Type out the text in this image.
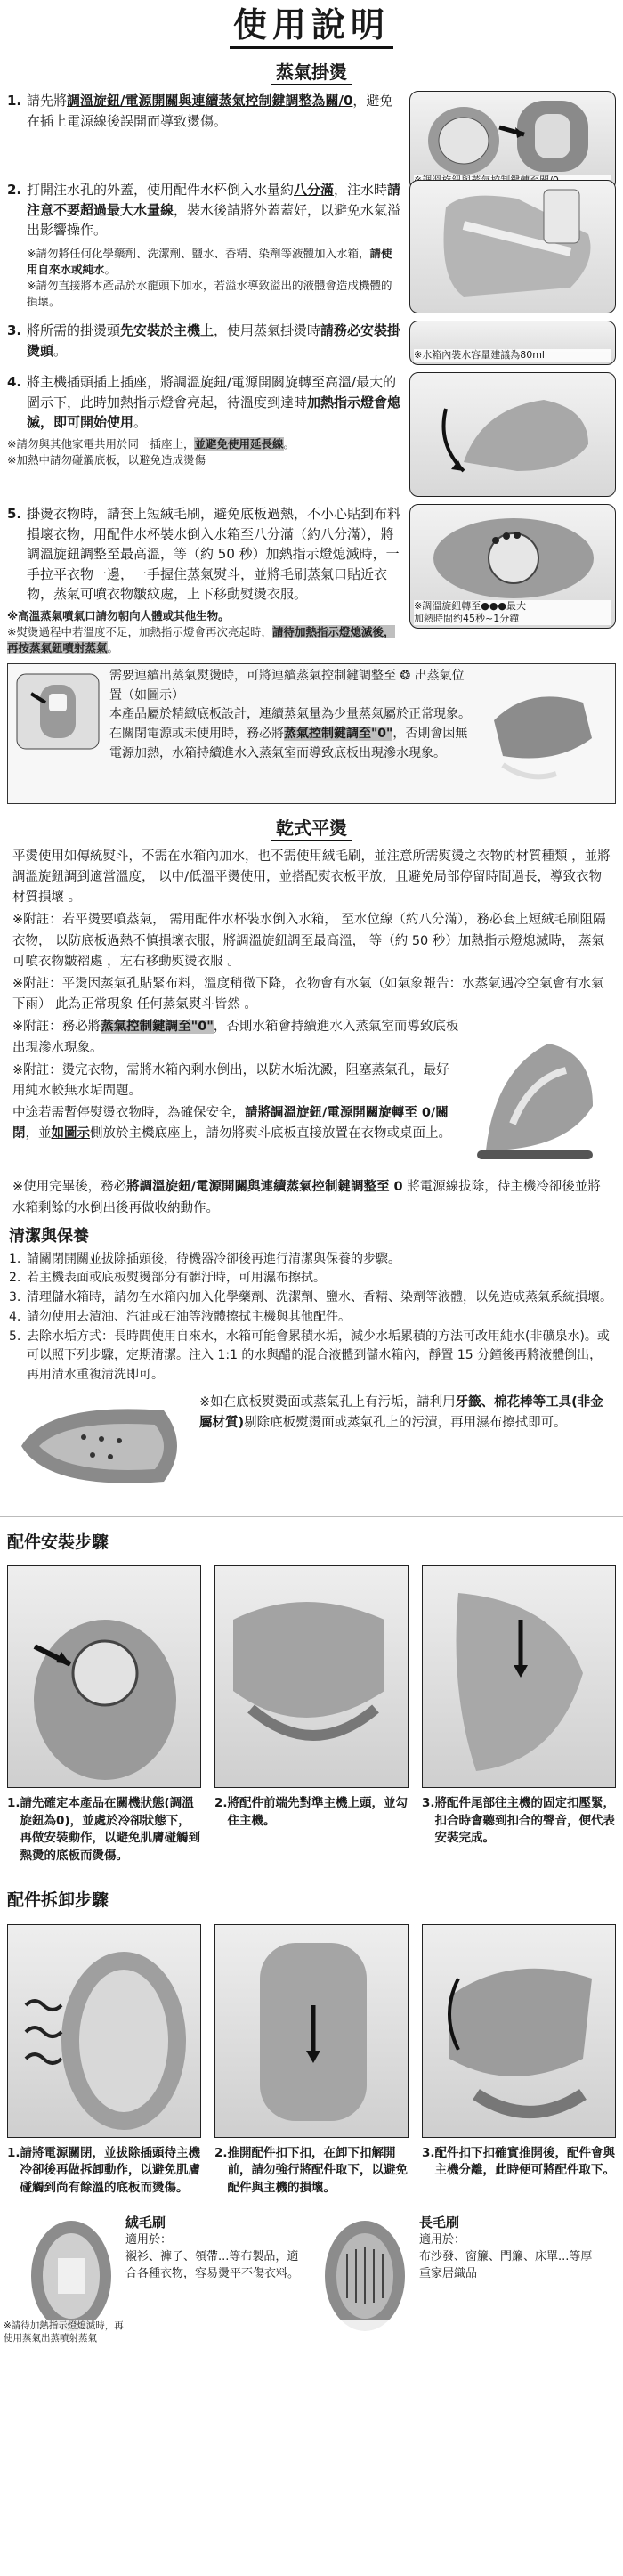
使用說明
蒸氣掛燙
1. 請先將調溫旋鈕/電源開關與連續蒸氣控制鍵調整為關/0，避免在插上電源線後誤開而導致燙傷。
2. 打開注水孔的外蓋，使用配件水杯倒入水量約八分滿，注水時請注意不要超過最大水量線，裝水後請將外蓋蓋好，以避免水氣溢出影響操作。
※請勿將任何化學藥劑、洗潔劑、鹽水、香精、染劑等液體加入水箱，請使用自來水或純水。
※請勿直接將本產品於水龍頭下加水，若溢水導致溢出的液體會造成機體的損壞。
3. 將所需的掛燙頭先安裝於主機上，使用蒸氣掛燙時請務必安裝掛燙頭。	※水箱內裝水容量建議為80ml
4. 將主機插頭插上插座，將調溫旋鈕/電源開關旋轉至高溫/最大的圖示下，此時加熱指示燈會亮起，待溫度到達時加熱指示燈會熄滅，即可開始使用。
※請勿與其他家電共用於同一插座上，並避免使用延長線。
※加熱中請勿碰觸底板，以避免造成燙傷
5. 掛燙衣物時，請套上短絨毛刷，避免底板過熱，不小心貼到布料損壞衣物，用配件水杯裝水倒入水箱至八分滿（約八分滿），將調溫旋鈕調整至最高溫，等（約 50 秒）加熱指示燈熄滅時，一手拉平衣物一邊，一手握住蒸氣熨斗，並將毛刷蒸氣口貼近衣物，蒸氣可噴衣物皺紋處，上下移動熨燙衣服。
※高溫蒸氣噴氣口請勿朝向人體或其他生物。
※熨燙過程中若溫度不足，加熱指示燈會再次亮起時，請待加熱指示燈熄滅後，再按蒸氣鈕噴射蒸氣。
※調溫旋鈕轉至●●●最大
加熱時間約45秒~1分鐘
需要連續出蒸氣熨燙時，可將連續蒸氣控制鍵調整至 ❂ 出蒸氣位置（如圖示）
本產品屬於精緻底板設計，連續蒸氣量為少量蒸氣屬於正常現象。在關閉電源或未使用時，務必將蒸氣控制鍵調至"0"，否則會因無電源加熱，水箱持續進水入蒸氣室而導致底板出現滲水現象。
※請待加熱指示燈熄滅時，再
使用蒸氣出蒸噴射蒸氣
乾式平燙

平燙使用如傳統熨斗，不需在水箱內加水，也不需使用絨毛刷，並注意所需熨燙之衣物的材質種類 ，並將調溫旋鈕調到適當溫度， 以中/低溫平燙使用，並搭配熨衣板平放，且避免局部停留時間過長，導致衣物材質損壞 。

※附註：若平燙要噴蒸氣， 需用配件水杯裝水倒入水箱， 至水位線（約八分滿），務必套上短絨毛刷阻隔衣物， 以防底板過熱不慎損壞衣服，將調溫旋鈕調至最高溫， 等（約 50 秒）加熱指示燈熄滅時， 蒸氣可噴衣物皺褶處 ，左右移動熨燙衣服 。

※附註：平燙因蒸氣孔貼緊布料，溫度稍微下降，衣物會有水氣（如氣象報告：水蒸氣遇冷空氣會有水氣下雨） 此為正常現象 任何蒸氣熨斗皆然 。

※附註：務必將蒸氣控制鍵調至"0"，否則水箱會持續進水入蒸氣室而導致底板出現滲水現象。

※附註：燙完衣物，需將水箱內剩水倒出，以防水垢沈澱，阻塞蒸氣孔，最好用純水較無水垢問題。

中途若需暫停熨燙衣物時，為確保安全，請將調溫旋鈕/電源開關旋轉至 0/關閉，並如圖示側放於主機底座上，請勿將熨斗底板直接放置在衣物或桌面上。

※使用完畢後，務必將調溫旋鈕/電源開關與連續蒸氣控制鍵調整至 0 將電源線拔除，待主機冷卻後並將水箱剩餘的水倒出後再做收納動作。

清潔與保養
1. 請關閉開關並拔除插頭後，待機器冷卻後再進行清潔與保養的步驟。
2. 若主機表面或底板熨燙部分有髒汙時，可用濕布擦拭。
3. 清理儲水箱時，請勿在水箱內加入化學藥劑、洗潔劑、鹽水、香精、染劑等液體，以免造成蒸氣系統損壞。
4. 請勿使用去漬油、汽油或石油等液體擦拭主機與其他配件。
5. 去除水垢方式：長時間使用自來水，水箱可能會累積水垢，減少水垢累積的方法可改用純水(非礦泉水)。或可以照下列步驟，定期清潔。注入 1:1 的水與醋的混合液體到儲水箱內，靜置 15 分鐘後再將液體倒出，再用清水重複清洗即可。
※如在底板熨燙面或蒸氣孔上有污垢，請利用牙籤、棉花棒等工具(非金屬材質)剔除底板熨燙面或蒸氣孔上的污漬，再用濕布擦拭即可。
配件安裝步驟
1. 請先確定本產品在關機狀態(調溫旋鈕為0)，並處於冷卻狀態下，再做安裝動作，以避免肌膚碰觸到熱燙的底板而燙傷。
2. 將配件前端先對準主機上頭，並勾住主機。
3. 將配件尾部往主機的固定扣壓緊，扣合時會聽到扣合的聲音，便代表安裝完成。
配件拆卸步驟
1. 請將電源關閉，並拔除插頭待主機冷卻後再做拆卸動作，以避免肌膚碰觸到尚有餘溫的底板而燙傷。
2. 推開配件扣下扣，在卸下扣解開前，請勿強行將配件取下，以避免配件與主機的損壞。
3. 配件扣下扣確實推開後，配件會與主機分離，此時便可將配件取下。
絨毛刷
適用於：
襯衫、褲子、領帶...等布製品，適合各種衣物，容易燙平不傷衣料。
長毛刷
適用於：
布沙發、窗簾、門簾、床單...等厚重家居織品
